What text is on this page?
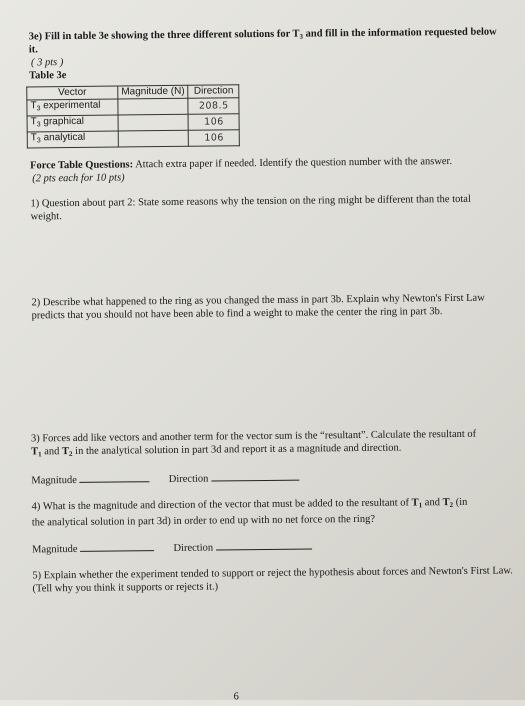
3e) Fill in table 3e showing the three different solutions for $T_3$ and fill in the information requested below
it.
( 3 pts )
Table 3e
Vector	Magnitude (N)	Direction
$T_3$ experimental		208.5
$T_3$ graphical		106
$T_3$ analytical		106
Force Table Questions: Attach extra paper if needed. Identify the question number with the answer.
(2 pts each for 10 pts)
1) Question about part 2: State some reasons why the tension on the ring might be different than the total weight.
2) Describe what happened to the ring as you changed the mass in part 3b. Explain why Newton's First Law predicts that you should not have been able to find a weight to make the center the ring in part 3b.
3) Forces add like vectors and another term for the vector sum is the “resultant”. Calculate the resultant of
$T_1$ and $T_2$ in the analytical solution in part 3d and report it as a magnitude and direction.
Magnitude	Direction
4) What is the magnitude and direction of the vector that must be added to the resultant of $T_1$ and $T_2$ (in
the analytical solution in part 3d) in order to end up with no net force on the ring?
Magnitude	Direction
5) Explain whether the experiment tended to support or reject the hypothesis about forces and Newton's First Law. (Tell why you think it supports or rejects it.)
6
